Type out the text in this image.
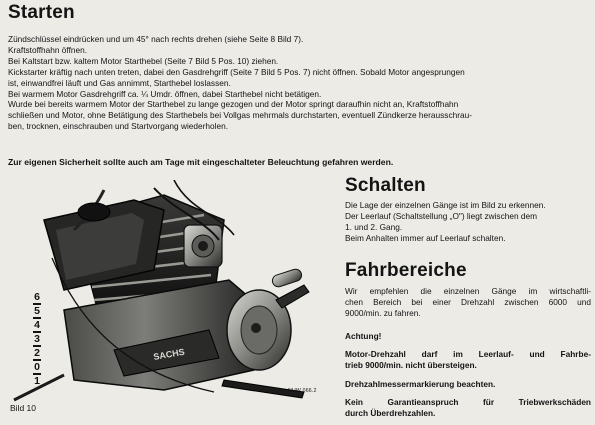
Starten
Zündschlüssel eindrücken und um 45° nach rechts drehen (siehe Seite 8 Bild 7).
Kraftstoffhahn öffnen.
Bei Kaltstart bzw. kaltem Motor Starthebel (Seite 7 Bild 5 Pos. 10) ziehen.
Kickstarter kräftig nach unten treten, dabei den Gasdrehgriff (Seite 7 Bild 5 Pos. 7) nicht öffnen. Sobald Motor angesprungen
ist, einwandfrei läuft und Gas annimmt, Starthebel loslassen.
Bei warmem Motor Gasdrehgriff ca. ¼ Umdr. öffnen, dabei Starthebel nicht betätigen.
Wurde bei bereits warmem Motor der Starthebel zu lange gezogen und der Motor springt daraufhin nicht an, Kraftstoffhahn
schließen und Motor, ohne Betätigung des Starthebels bei Vollgas mehrmals durchstarten, eventuell Zündkerze herausschrau-
ben, trocknen, einschrauben und Startvorgang wiederholen.
Zur eigenen Sicherheit sollte auch am Tage mit eingeschalteter Beleuchtung gefahren werden.
SACHS
6
5
4
3
2
0
1
NHW 066.2
Bild 10
Schalten
Die Lage der einzelnen Gänge ist im Bild zu erkennen.
Der Leerlauf (Schaltstellung „O") liegt zwischen dem
1. und 2. Gang.
Beim Anhalten immer auf Leerlauf schalten.
Fahrbereiche
Wir empfehlen die einzelnen Gänge im wirtschaftli-
chen Bereich bei einer Drehzahl zwischen 6000 und
9000/min. zu fahren.
Achtung!
Motor-Drehzahl darf im Leerlauf- und Fahrbe-
trieb 9000/min. nicht übersteigen.
Drehzahlmessermarkierung beachten.
Kein Garantieanspruch für Triebwerkschäden
durch Überdrehzahlen.
